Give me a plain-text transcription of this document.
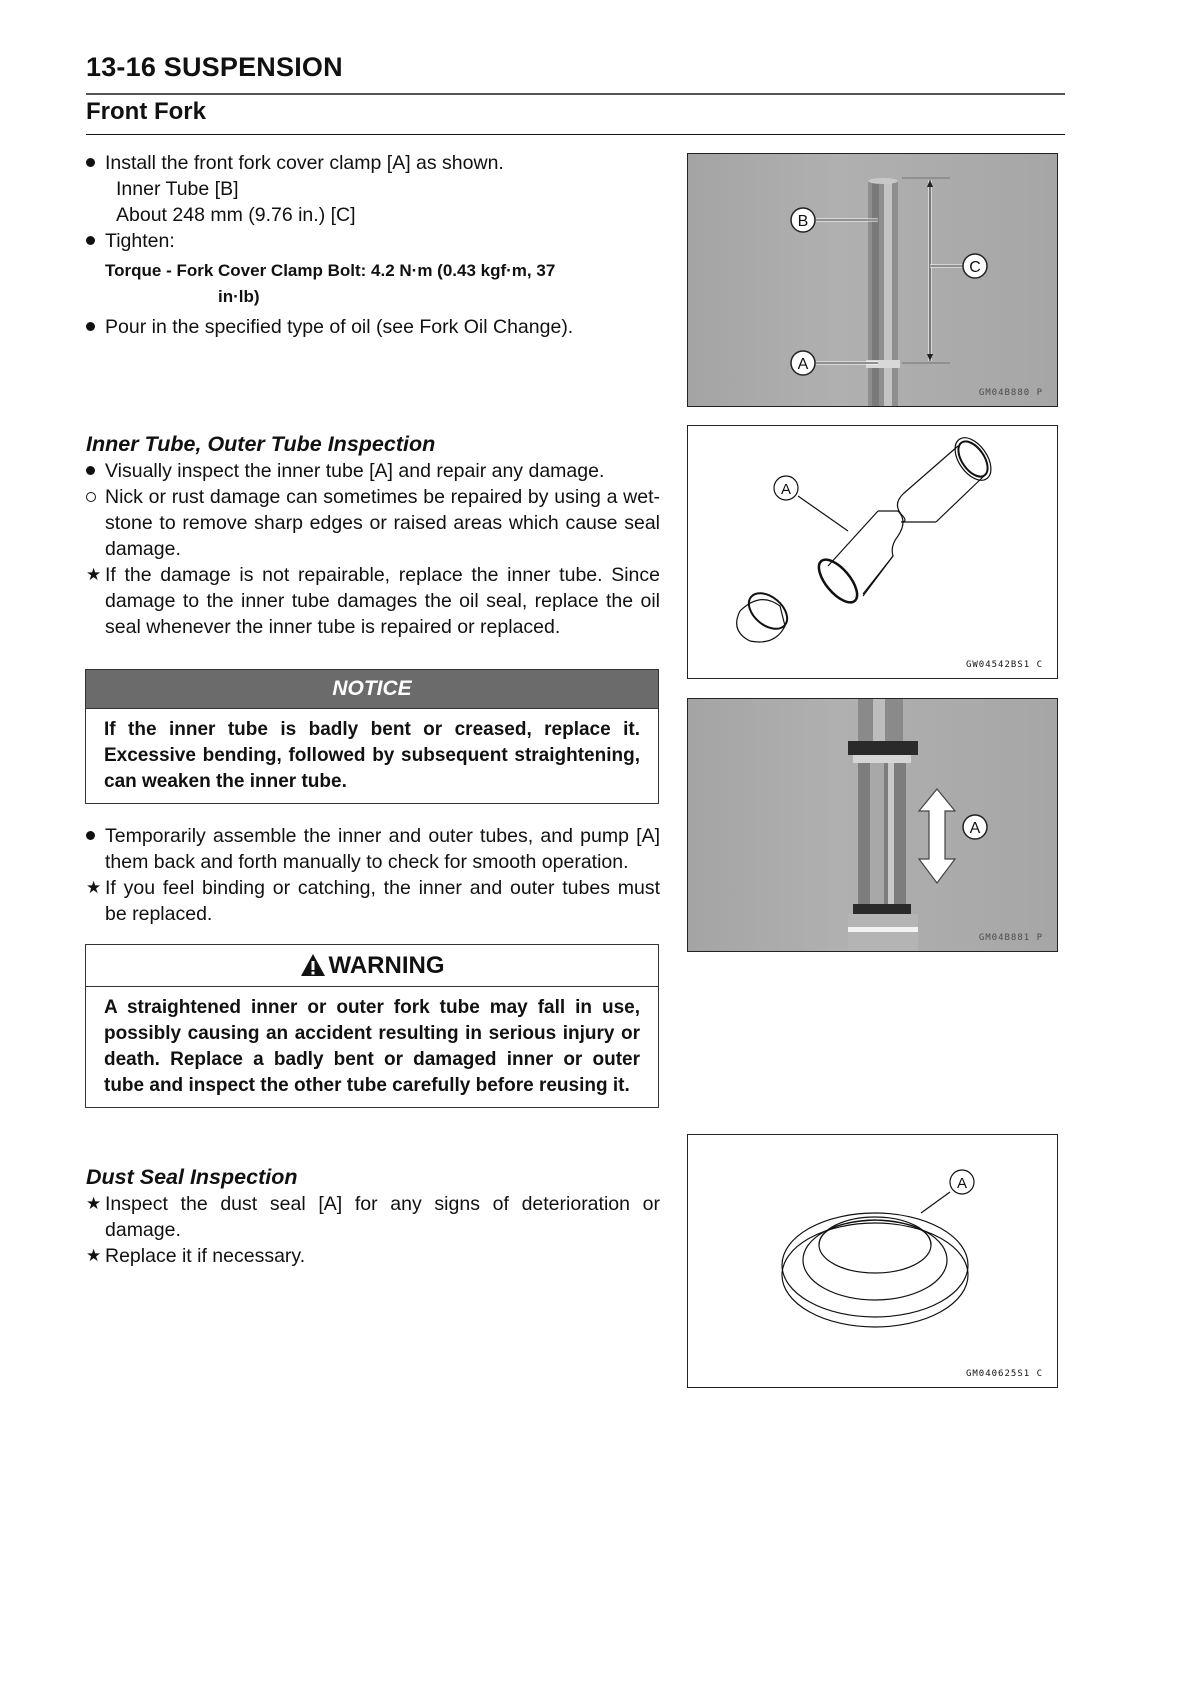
13-16 SUSPENSION
Front Fork
Install the front fork cover clamp [A] as shown.
Inner Tube [B]
About 248 mm (9.76 in.) [C]
Tighten:
Torque - Fork Cover Clamp Bolt: 4.2 N·m (0.43 kgf·m, 37
in·lb)
Pour in the specified type of oil (see Fork Oil Change).
Inner Tube, Outer Tube Inspection
Visually inspect the inner tube [A] and repair any damage.
Nick or rust damage can sometimes be repaired by using a wet-stone to remove sharp edges or raised areas which cause seal damage.
★ If the damage is not repairable, replace the inner tube. Since damage to the inner tube damages the oil seal, replace the oil seal whenever the inner tube is repaired or replaced.
NOTICE
If the inner tube is badly bent or creased, replace it. Excessive bending, followed by subsequent straightening, can weaken the inner tube.
Temporarily assemble the inner and outer tubes, and pump [A] them back and forth manually to check for smooth operation.
★ If you feel binding or catching, the inner and outer tubes must be replaced.
WARNING
A straightened inner or outer fork tube may fall in use, possibly causing an accident resulting in serious injury or death. Replace a badly bent or damaged inner or outer tube and inspect the other tube carefully before reusing it.
Dust Seal Inspection
★ Inspect the dust seal [A] for any signs of deterioration or damage.
★ Replace it if necessary.
B
C
A
GM04B880 P
A
GW04542BS1 C
A
GM04B881 P
A
GM040625S1 C
